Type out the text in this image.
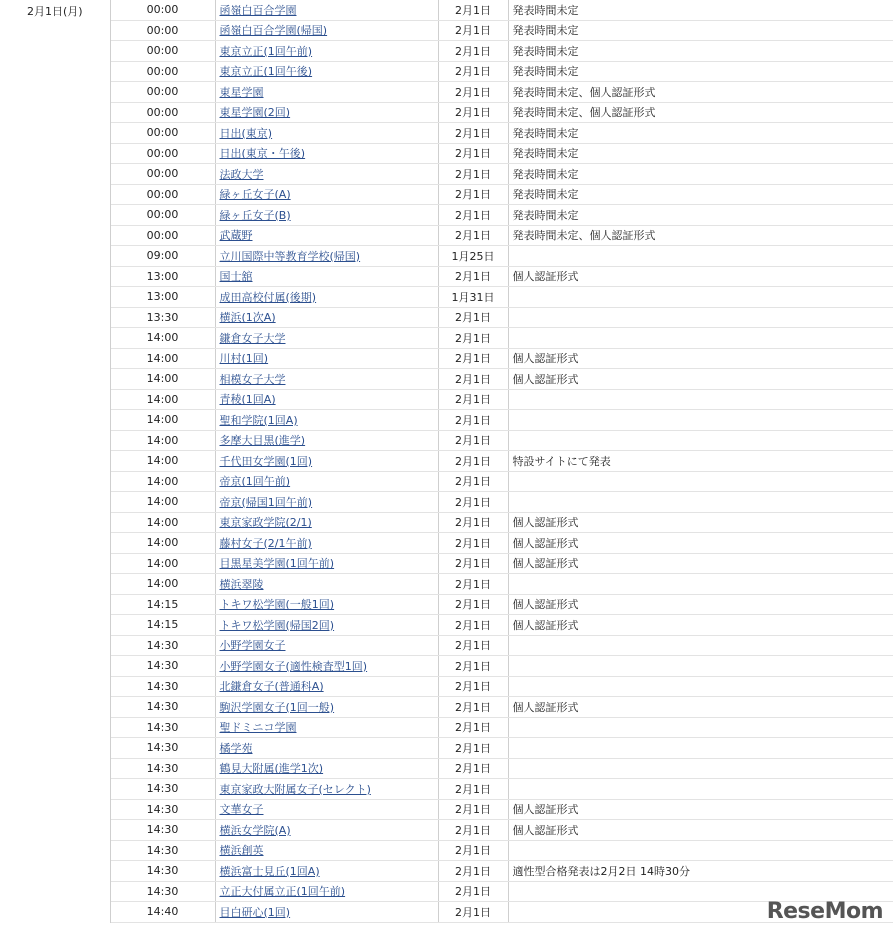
2月1日(月)	00:00	函嶺白百合学園	2月1日	発表時間未定
	00:00	函嶺白百合学園(帰国)	2月1日	発表時間未定
	00:00	東京立正(1回午前)	2月1日	発表時間未定
	00:00	東京立正(1回午後)	2月1日	発表時間未定
	00:00	東星学園	2月1日	発表時間未定、個人認証形式
	00:00	東星学園(2回)	2月1日	発表時間未定、個人認証形式
	00:00	日出(東京)	2月1日	発表時間未定
	00:00	日出(東京・午後)	2月1日	発表時間未定
	00:00	法政大学	2月1日	発表時間未定
	00:00	緑ヶ丘女子(A)	2月1日	発表時間未定
	00:00	緑ヶ丘女子(B)	2月1日	発表時間未定
	00:00	武蔵野	2月1日	発表時間未定、個人認証形式
	09:00	立川国際中等教育学校(帰国)	1月25日	
	13:00	国士舘	2月1日	個人認証形式
	13:00	成田高校付属(後期)	1月31日	
	13:30	横浜(1次A)	2月1日	
	14:00	鎌倉女子大学	2月1日	
	14:00	川村(1回)	2月1日	個人認証形式
	14:00	相模女子大学	2月1日	個人認証形式
	14:00	青稜(1回A)	2月1日	
	14:00	聖和学院(1回A)	2月1日	
	14:00	多摩大目黒(進学)	2月1日	
	14:00	千代田女学園(1回)	2月1日	特設サイトにて発表
	14:00	帝京(1回午前)	2月1日	
	14:00	帝京(帰国1回午前)	2月1日	
	14:00	東京家政学院(2/1)	2月1日	個人認証形式
	14:00	藤村女子(2/1午前)	2月1日	個人認証形式
	14:00	目黒星美学園(1回午前)	2月1日	個人認証形式
	14:00	横浜翠陵	2月1日	
	14:15	トキワ松学園(一般1回)	2月1日	個人認証形式
	14:15	トキワ松学園(帰国2回)	2月1日	個人認証形式
	14:30	小野学園女子	2月1日	
	14:30	小野学園女子(適性検査型1回)	2月1日	
	14:30	北鎌倉女子(普通科A)	2月1日	
	14:30	駒沢学園女子(1回一般)	2月1日	個人認証形式
	14:30	聖ドミニコ学園	2月1日	
	14:30	橘学苑	2月1日	
	14:30	鶴見大附属(進学1次)	2月1日	
	14:30	東京家政大附属女子(セレクト)	2月1日	
	14:30	文華女子	2月1日	個人認証形式
	14:30	横浜女学院(A)	2月1日	個人認証形式
	14:30	横浜創英	2月1日	
	14:30	横浜富士見丘(1回A)	2月1日	適性型合格発表は2月2日 14時30分
	14:30	立正大付属立正(1回午前)	2月1日	
	14:40	目白研心(1回)	2月1日		ReseMom
